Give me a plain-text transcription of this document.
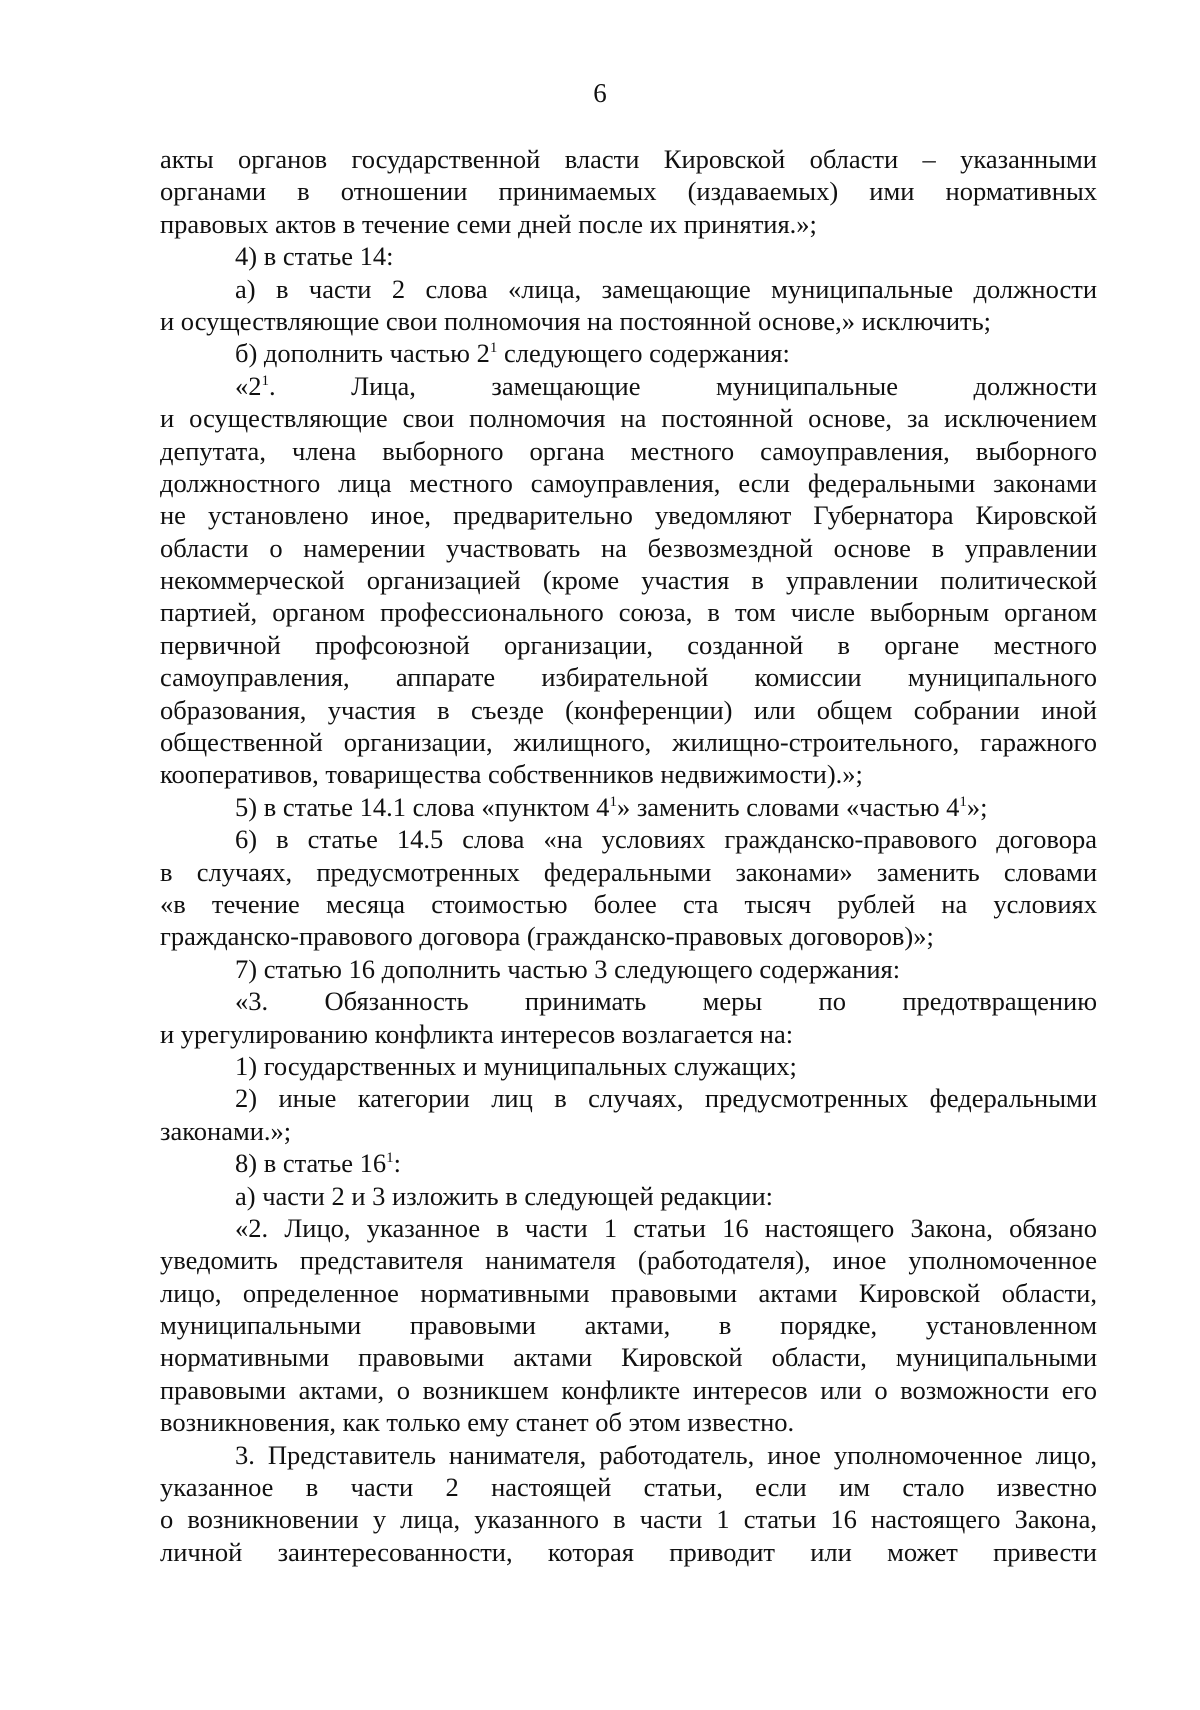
6
акты органов государственной власти Кировской области – указанными
органами в отношении принимаемых (издаваемых) ими нормативных
правовых актов в течение семи дней после их принятия.»;
4) в статье 14:
а) в части 2 слова «лица, замещающие муниципальные должности
и осуществляющие свои полномочия на постоянной основе,» исключить;
б) дополнить частью $2^1$ следующего содержания:
«$2^1$. Лица, замещающие муниципальные должности
и осуществляющие свои полномочия на постоянной основе, за исключением
депутата, члена выборного органа местного самоуправления, выборного
должностного лица местного самоуправления, если федеральными законами
не установлено иное, предварительно уведомляют Губернатора Кировской
области о намерении участвовать на безвозмездной основе в управлении
некоммерческой организацией (кроме участия в управлении политической
партией, органом профессионального союза, в том числе выборным органом
первичной профсоюзной организации, созданной в органе местного
самоуправления, аппарате избирательной комиссии муниципального
образования, участия в съезде (конференции) или общем собрании иной
общественной организации, жилищного, жилищно-строительного, гаражного
кооперативов, товарищества собственников недвижимости).»;
5) в статье 14.1 слова «пунктом $4^1$» заменить словами «частью $4^1$»;
6) в статье 14.5 слова «на условиях гражданско-правового договора
в случаях, предусмотренных федеральными законами» заменить словами
«в течение месяца стоимостью более ста тысяч рублей на условиях
гражданско-правового договора (гражданско-правовых договоров)»;
7) статью 16 дополнить частью 3 следующего содержания:
«3. Обязанность принимать меры по предотвращению
и урегулированию конфликта интересов возлагается на:
1) государственных и муниципальных служащих;
2) иные категории лиц в случаях, предусмотренных федеральными
законами.»;
8) в статье $16^1$:
а) части 2 и 3 изложить в следующей редакции:
«2. Лицо, указанное в части 1 статьи 16 настоящего Закона, обязано
уведомить представителя нанимателя (работодателя), иное уполномоченное
лицо, определенное нормативными правовыми актами Кировской области,
муниципальными правовыми актами, в порядке, установленном
нормативными правовыми актами Кировской области, муниципальными
правовыми актами, о возникшем конфликте интересов или о возможности его
возникновения, как только ему станет об этом известно.
3. Представитель нанимателя, работодатель, иное уполномоченное лицо,
указанное в части 2 настоящей статьи, если им стало известно
о возникновении у лица, указанного в части 1 статьи 16 настоящего Закона,
личной заинтересованности, которая приводит или может привести
